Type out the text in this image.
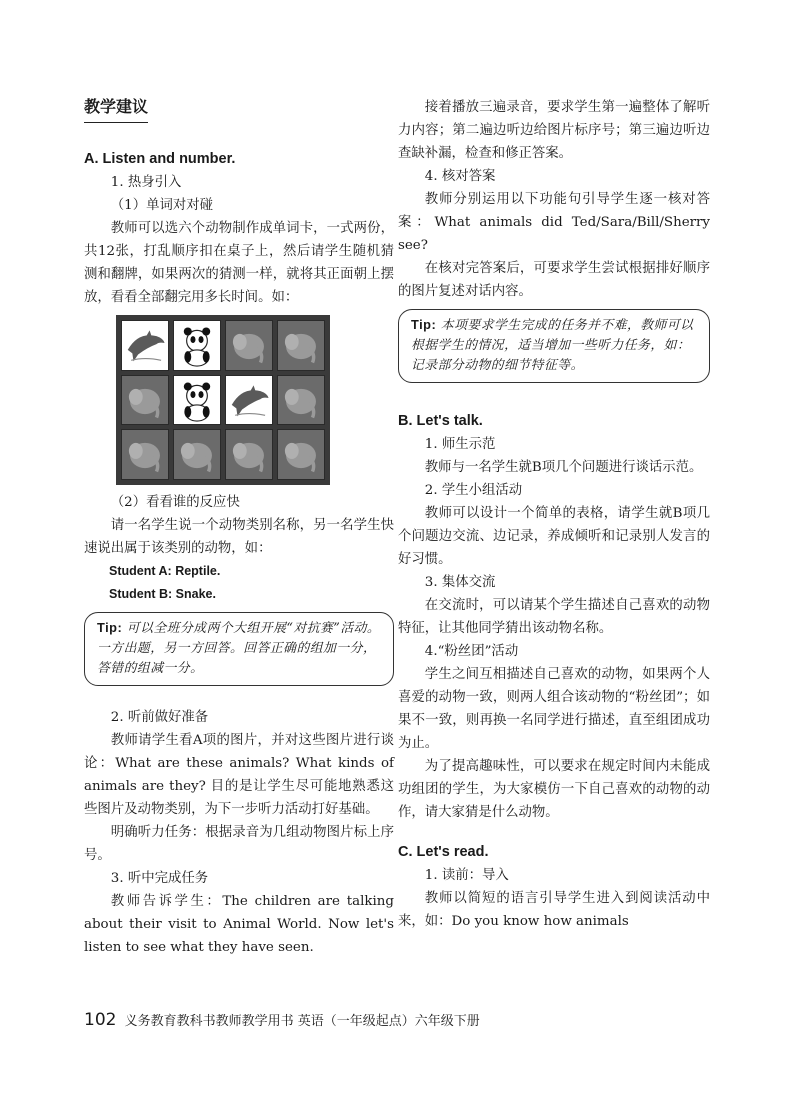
教学建议

A. Listen and number.

1. 热身引入

（1）单词对对碰

教师可以选六个动物制作成单词卡，一式两份，共12张，打乱顺序扣在桌子上，然后请学生随机猜测和翻牌，如果两次的猜测一样，就将其正面朝上摆放，看看全部翻完用多长时间。如：

（2）看看谁的反应快

请一名学生说一个动物类别名称，另一名学生快速说出属于该类别的动物，如：

Student A: Reptile.

Student B: Snake.

Tip: 可以全班分成两个大组开展“对抗赛”活动。一方出题，另一方回答。回答正确的组加一分，答错的组减一分。

2. 听前做好准备

教师请学生看A项的图片，并对这些图片进行谈论：What are these animals? What kinds of animals are they? 目的是让学生尽可能地熟悉这些图片及动物类别，为下一步听力活动打好基础。

明确听力任务：根据录音为几组动物图片标上序号。

3. 听中完成任务

教师告诉学生：The children are talking about their visit to Animal World. Now let's listen to see what they have seen.

接着播放三遍录音，要求学生第一遍整体了解听力内容；第二遍边听边给图片标序号；第三遍边听边查缺补漏，检查和修正答案。

4. 核对答案

教师分别运用以下功能句引导学生逐一核对答案：What animals did Ted/Sara/Bill/Sherry see?

在核对完答案后，可要求学生尝试根据排好顺序的图片复述对话内容。

Tip: 本项要求学生完成的任务并不难，教师可以根据学生的情况，适当增加一些听力任务，如：记录部分动物的细节特征等。

B. Let's talk.

1. 师生示范

教师与一名学生就B项几个问题进行谈话示范。

2. 学生小组活动

教师可以设计一个简单的表格，请学生就B项几个问题边交流、边记录，养成倾听和记录别人发言的好习惯。

3. 集体交流

在交流时，可以请某个学生描述自己喜欢的动物特征，让其他同学猜出该动物名称。

4.“粉丝团”活动

学生之间互相描述自己喜欢的动物，如果两个人喜爱的动物一致，则两人组合该动物的“粉丝团”；如果不一致，则再换一名同学进行描述，直至组团成功为止。

为了提高趣味性，可以要求在规定时间内未能成功组团的学生，为大家模仿一下自己喜欢的动物的动作，请大家猜是什么动物。

C. Let's read.

1. 读前：导入

教师以简短的语言引导学生进入到阅读活动中来，如：Do you know how animals

102 义务教育教科书教师教学用书 英语（一年级起点）六年级下册
